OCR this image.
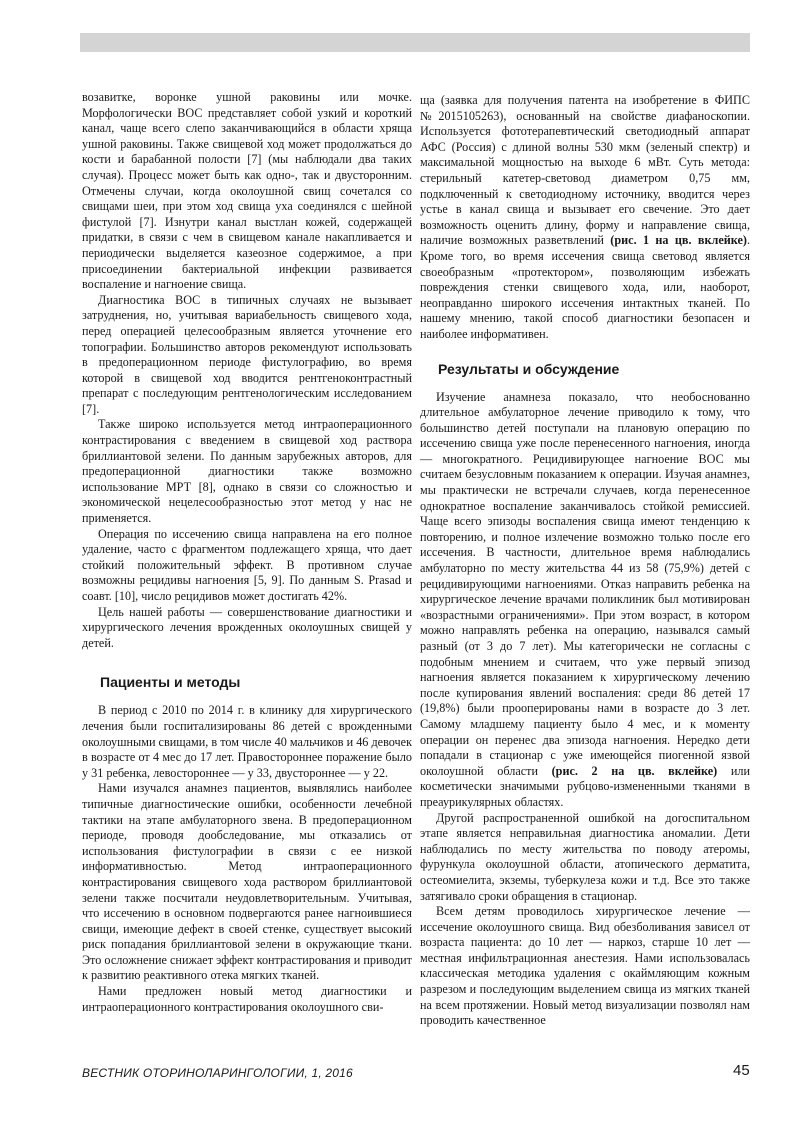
возавитке, воронке ушной раковины или мочке. Морфологически ВОС представляет собой узкий и короткий канал, чаще всего слепо заканчивающийся в области хряща ушной раковины. Также свищевой ход может продолжаться до кости и барабанной полости [7] (мы наблюдали два таких случая). Процесс может быть как одно-, так и двусторонним. Отмечены случаи, когда околоушной свищ сочетался со свищами шеи, при этом ход свища уха соединялся с шейной фистулой [7]. Изнутри канал выстлан кожей, содержащей придатки, в связи с чем в свищевом канале накапливается и периодически выделяется казеозное содержимое, а при присоединении бактериальной инфекции развивается воспаление и нагноение свища.

Диагностика ВОС в типичных случаях не вызывает затруднения, но, учитывая вариабельность свищевого хода, перед операцией целесообразным является уточнение его топографии. Большинство авторов рекомендуют использовать в предоперационном периоде фистулографию, во время которой в свищевой ход вводится рентгеноконтрастный препарат с последующим рентгенологическим исследованием [7].

Также широко используется метод интраоперационного контрастирования с введением в свищевой ход раствора бриллиантовой зелени. По данным зарубежных авторов, для предоперационной диагностики также возможно использование МРТ [8], однако в связи со сложностью и экономической нецелесообразностью этот метод у нас не применяется.

Операция по иссечению свища направлена на его полное удаление, часто с фрагментом подлежащего хряща, что дает стойкий положительный эффект. В противном случае возможны рецидивы нагноения [5, 9]. По данным S. Prasad и соавт. [10], число рецидивов может достигать 42%.

Цель нашей работы — совершенствование диагностики и хирургического лечения врожденных околоушных свищей у детей.

Пациенты и методы

В период с 2010 по 2014 г. в клинику для хирургического лечения были госпитализированы 86 детей с врожденными околоушными свищами, в том числе 40 мальчиков и 46 девочек в возрасте от 4 мес до 17 лет. Правостороннее поражение было у 31 ребенка, левостороннее — у 33, двустороннее — у 22.

Нами изучался анамнез пациентов, выявлялись наиболее типичные диагностические ошибки, особенности лечебной тактики на этапе амбулаторного звена. В предоперационном периоде, проводя дообследование, мы отказались от использования фистулографии в связи с ее низкой информативностью. Метод интраоперационного контрастирования свищевого хода раствором бриллиантовой зелени также посчитали неудовлетворительным. Учитывая, что иссечению в основном подвергаются ранее нагноившиеся свищи, имеющие дефект в своей стенке, существует высокий риск попадания бриллиантовой зелени в окружающие ткани. Это осложнение снижает эффект контрастирования и приводит к развитию реактивного отека мягких тканей.

Нами предложен новый метод диагностики и интраоперационного контрастирования околоушного сви-

ща (заявка для получения патента на изобретение в ФИПС №2015105263), основанный на свойстве диафаноскопии. Используется фототерапевтический светодиодный аппарат АФС (Россия) с длиной волны 530 мкм (зеленый спектр) и максимальной мощностью на выходе 6 мВт. Суть метода: стерильный катетер-световод диаметром 0,75 мм, подключенный к светодиодному источнику, вводится через устье в канал свища и вызывает его свечение. Это дает возможность оценить длину, форму и направление свища, наличие возможных разветвлений (рис. 1 на цв. вклейке). Кроме того, во время иссечения свища световод является своеобразным «протектором», позволяющим избежать повреждения стенки свищевого хода, или, наоборот, неоправданно широкого иссечения интактных тканей. По нашему мнению, такой способ диагностики безопасен и наиболее информативен.

Результаты и обсуждение

Изучение анамнеза показало, что необоснованно длительное амбулаторное лечение приводило к тому, что большинство детей поступали на плановую операцию по иссечению свища уже после перенесенного нагноения, иногда — многократного. Рецидивирующее нагноение ВОС мы считаем безусловным показанием к операции. Изучая анамнез, мы практически не встречали случаев, когда перенесенное однократное воспаление заканчивалось стойкой ремиссией. Чаще всего эпизоды воспаления свища имеют тенденцию к повторению, и полное излечение возможно только после его иссечения. В частности, длительное время наблюдались амбулаторно по месту жительства 44 из 58 (75,9%) детей с рецидивирующими нагноениями. Отказ направить ребенка на хирургическое лечение врачами поликлиник был мотивирован «возрастными ограничениями». При этом возраст, в котором можно направлять ребенка на операцию, назывался самый разный (от 3 до 7 лет). Мы категорически не согласны с подобным мнением и считаем, что уже первый эпизод нагноения является показанием к хирургическому лечению после купирования явлений воспаления: среди 86 детей 17 (19,8%) были прооперированы нами в возрасте до 3 лет. Самому младшему пациенту было 4 мес, и к моменту операции он перенес два эпизода нагноения. Нередко дети попадали в стационар с уже имеющейся пиогенной язвой околоушной области (рис. 2 на цв. вклейке) или косметически значимыми рубцово-измененными тканями в преаурикулярных областях.

Другой распространенной ошибкой на догоспитальном этапе является неправильная диагностика аномалии. Дети наблюдались по месту жительства по поводу атеромы, фурункула околоушной области, атопического дерматита, остеомиелита, экземы, туберкулеза кожи и т.д. Все это также затягивало сроки обращения в стационар.

Всем детям проводилось хирургическое лечение — иссечение околоушного свища. Вид обезболивания зависел от возраста пациента: до 10 лет — наркоз, старше 10 лет — местная инфильтрационная анестезия. Нами использовалась классическая методика удаления с окаймляющим кожным разрезом и последующим выделением свища из мягких тканей на всем протяжении. Новый метод визуализации позволял нам проводить качественное

ВЕСТНИК ОТОРИНОЛАРИНГОЛОГИИ, 1, 2016	45
